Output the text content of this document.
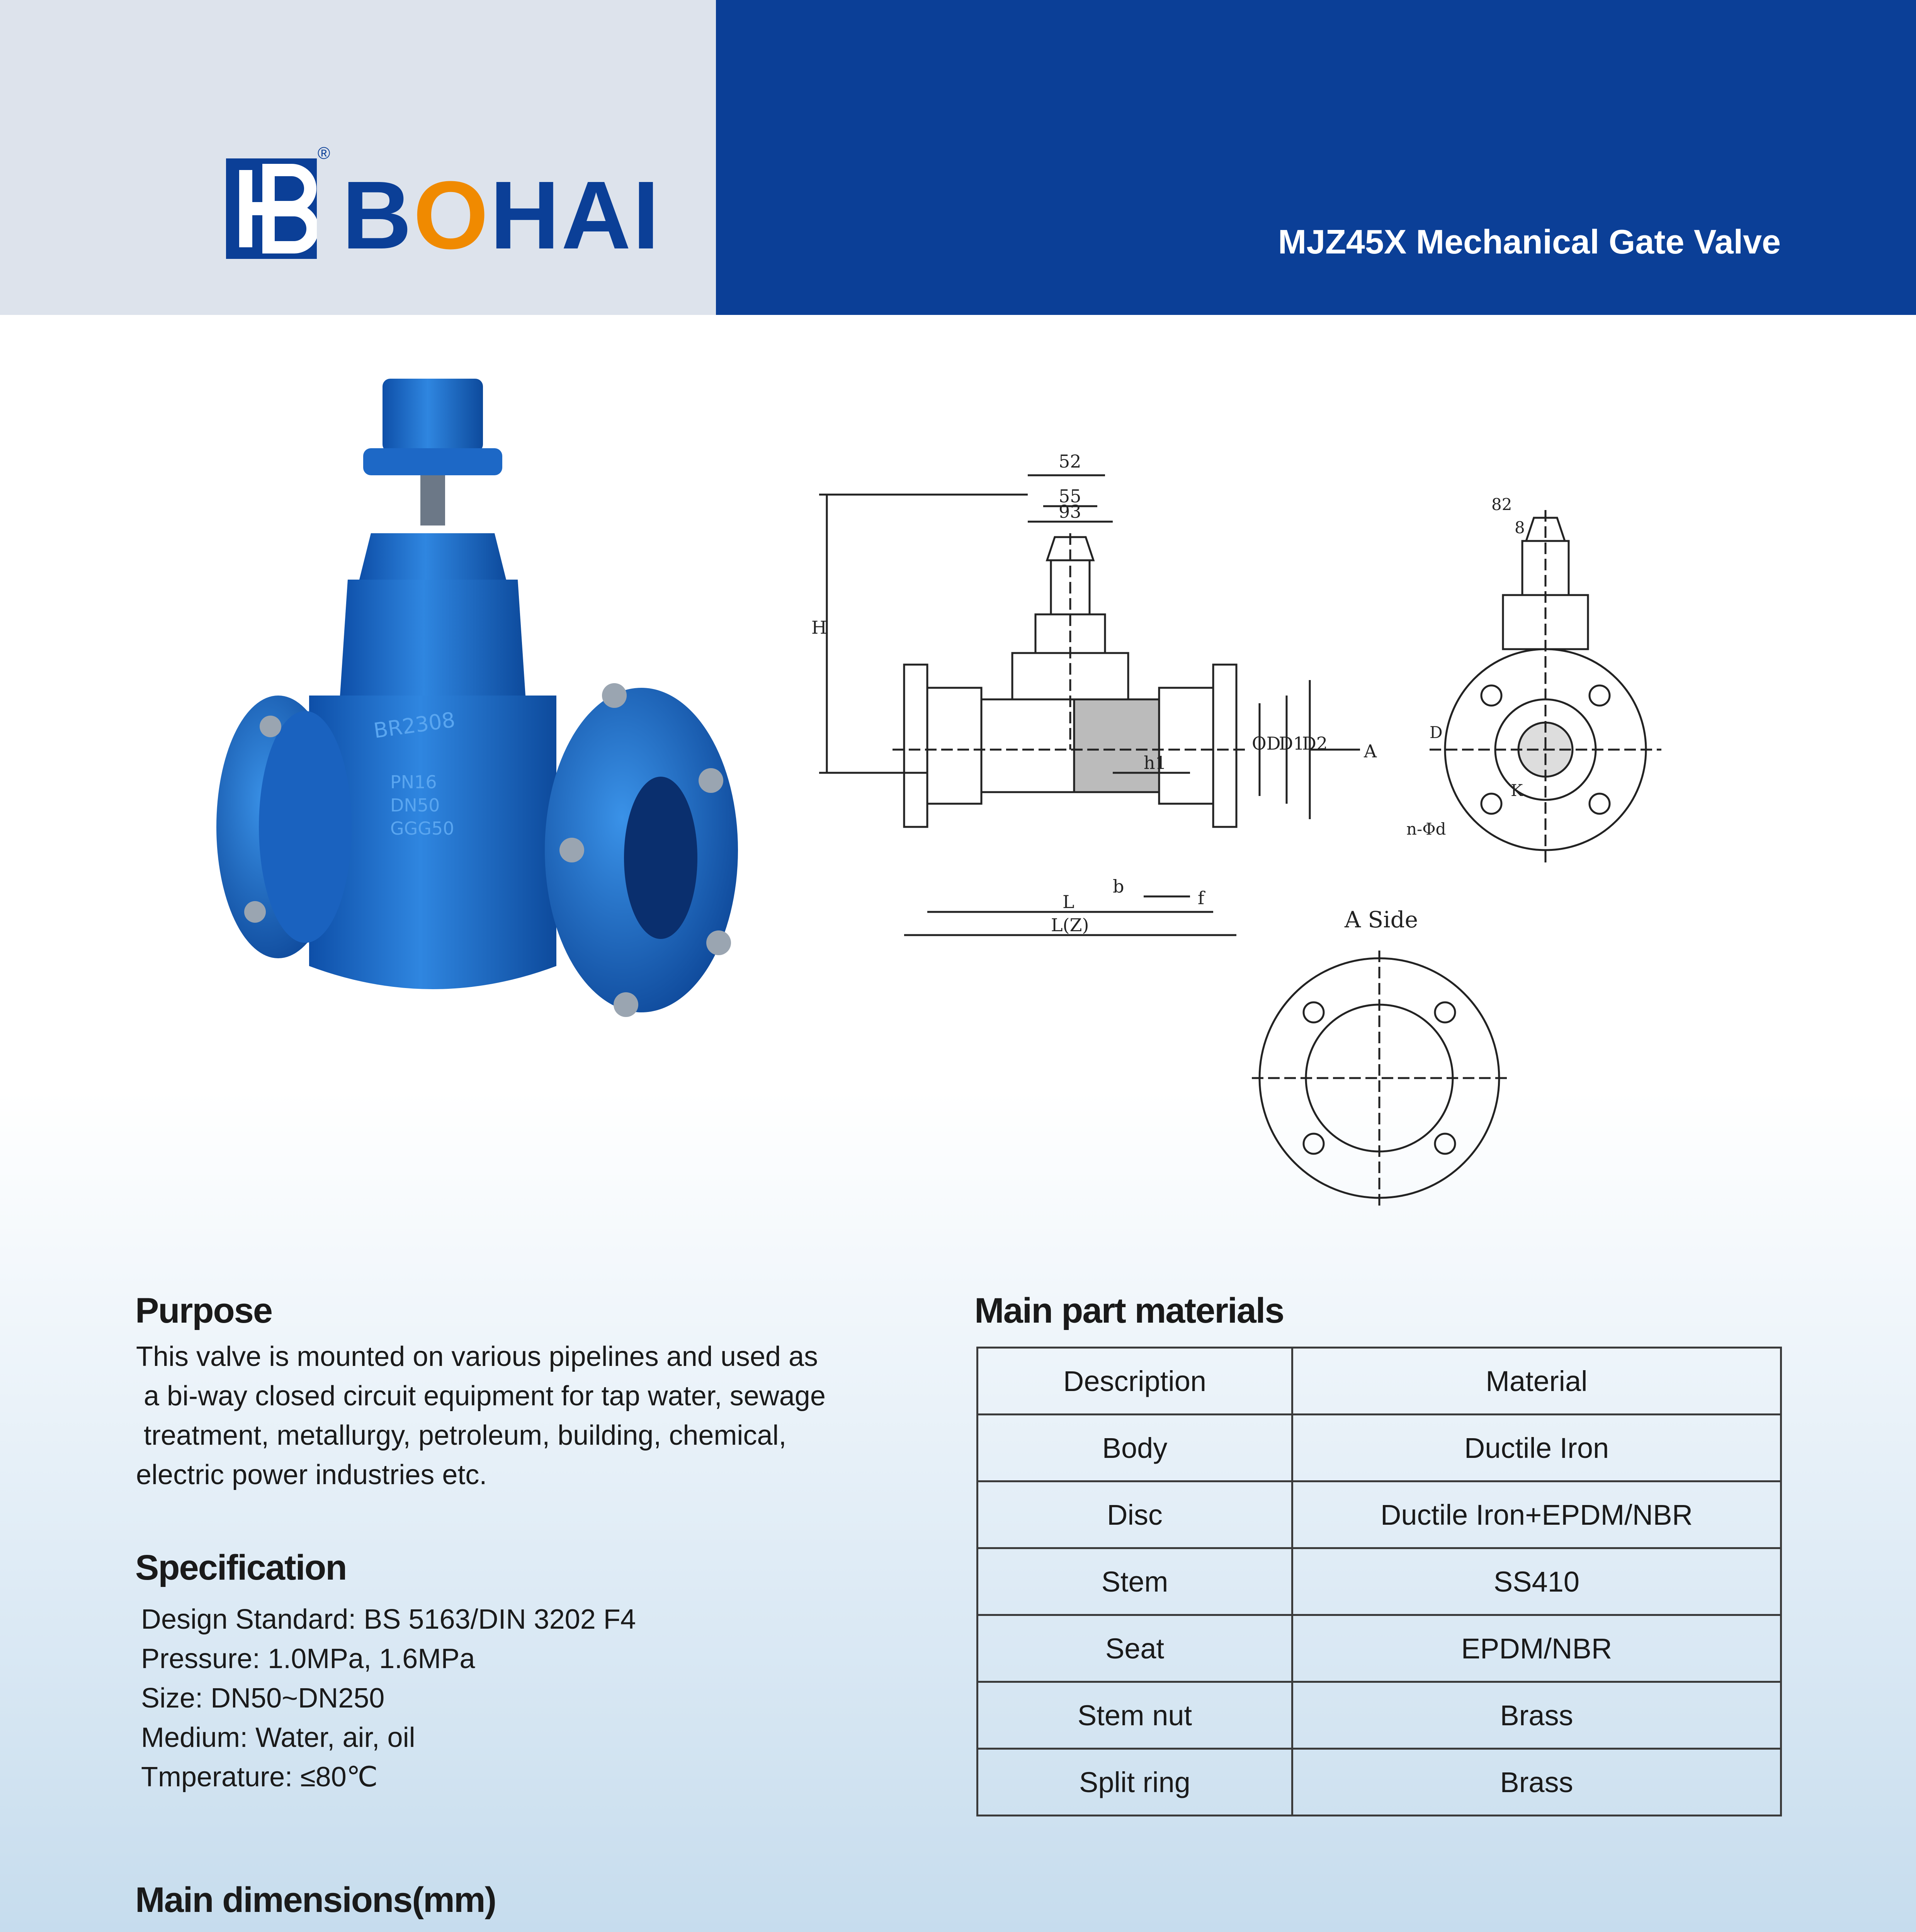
®
BOHAI	MJZ45X Mechanical Gate Valve
BR2308
PN16
DN50
GGG50
52
55
93
H
OD
D1
D2 A
h1
L
b
f
L(Z)
82
8
D
K
n-Φd
A Side
Purpose
This valve is mounted on various pipelines and used as
a bi-way closed circuit equipment for tap water, sewage
treatment, metallurgy, petroleum, building, chemical,
electric power industries etc.
Specification
Design Standard: BS 5163/DIN 3202 F4
Pressure: 1.0MPa, 1.6MPa
Size: DN50~DN250
Medium: Water, air, oil
Tmperature: ≤80℃
Main part materials
Description	Material
Body	Ductile Iron
Disc	Ductile Iron+EPDM/NBR
Stem	SS410
Seat	EPDM/NBR
Stem nut	Brass
Split ring	Brass
Main dimensions(mm)
